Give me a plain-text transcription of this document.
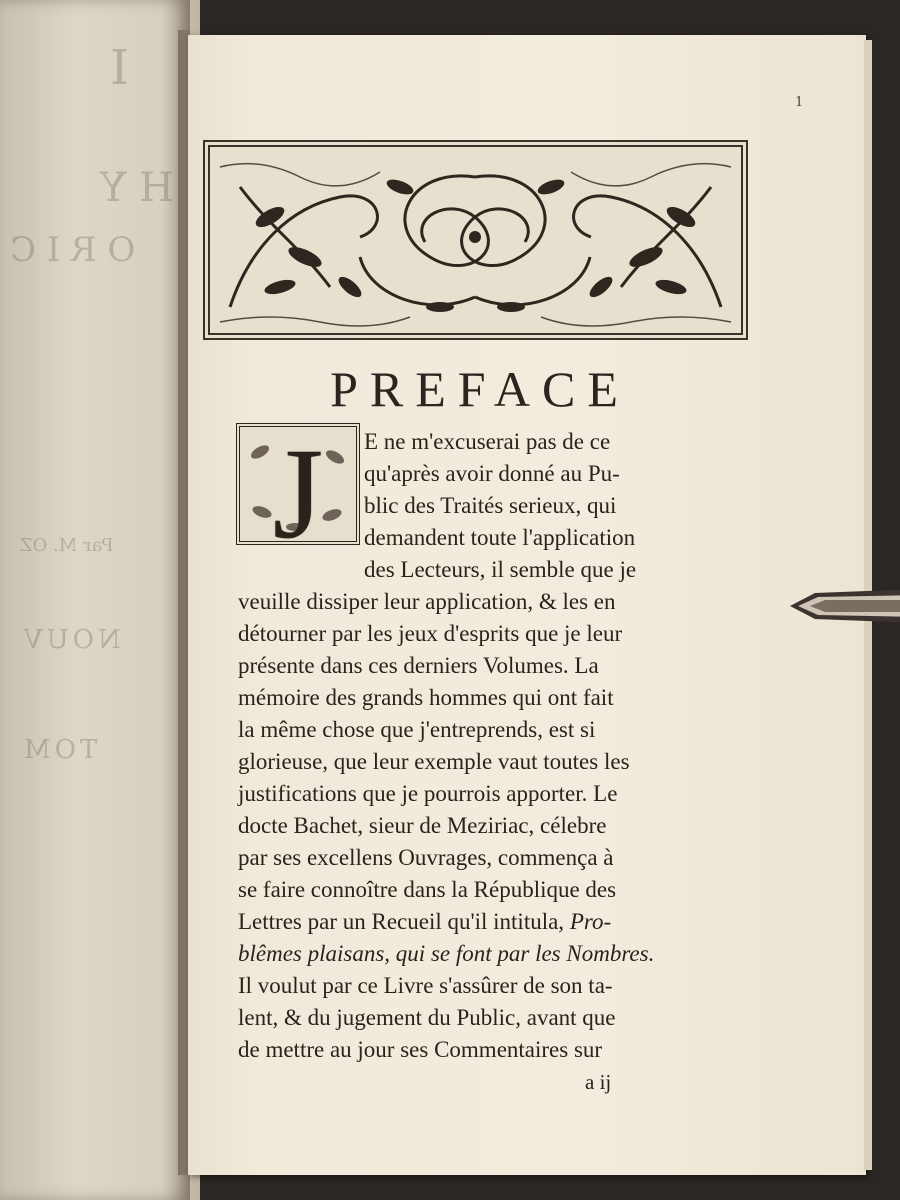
I
H Y
O R I C
NOUV
TOM
Par M. OZ
1
PREFACE
J	E ne m'excuserai pas de ce
qu'après avoir donné au Pu-
blic des Traités serieux, qui
demandent toute l'application
des Lecteurs, il semble que je
veuille dissiper leur application, & les en
détourner par les jeux d'esprits que je leur
présente dans ces derniers Volumes. La
mémoire des grands hommes qui ont fait
la même chose que j'entreprends, est si
glorieuse, que leur exemple vaut toutes les
justifications que je pourrois apporter. Le
docte Bachet, sieur de Meziriac, célebre
par ses excellens Ouvrages, commença à
se faire connoître dans la République des
Lettres par un Recueil qu'il intitula, Pro-
blêmes plaisans, qui se font par les Nombres.
Il voulut par ce Livre s'assûrer de son ta-
lent, & du jugement du Public, avant que
de mettre au jour ses Commentaires sur
a ij
